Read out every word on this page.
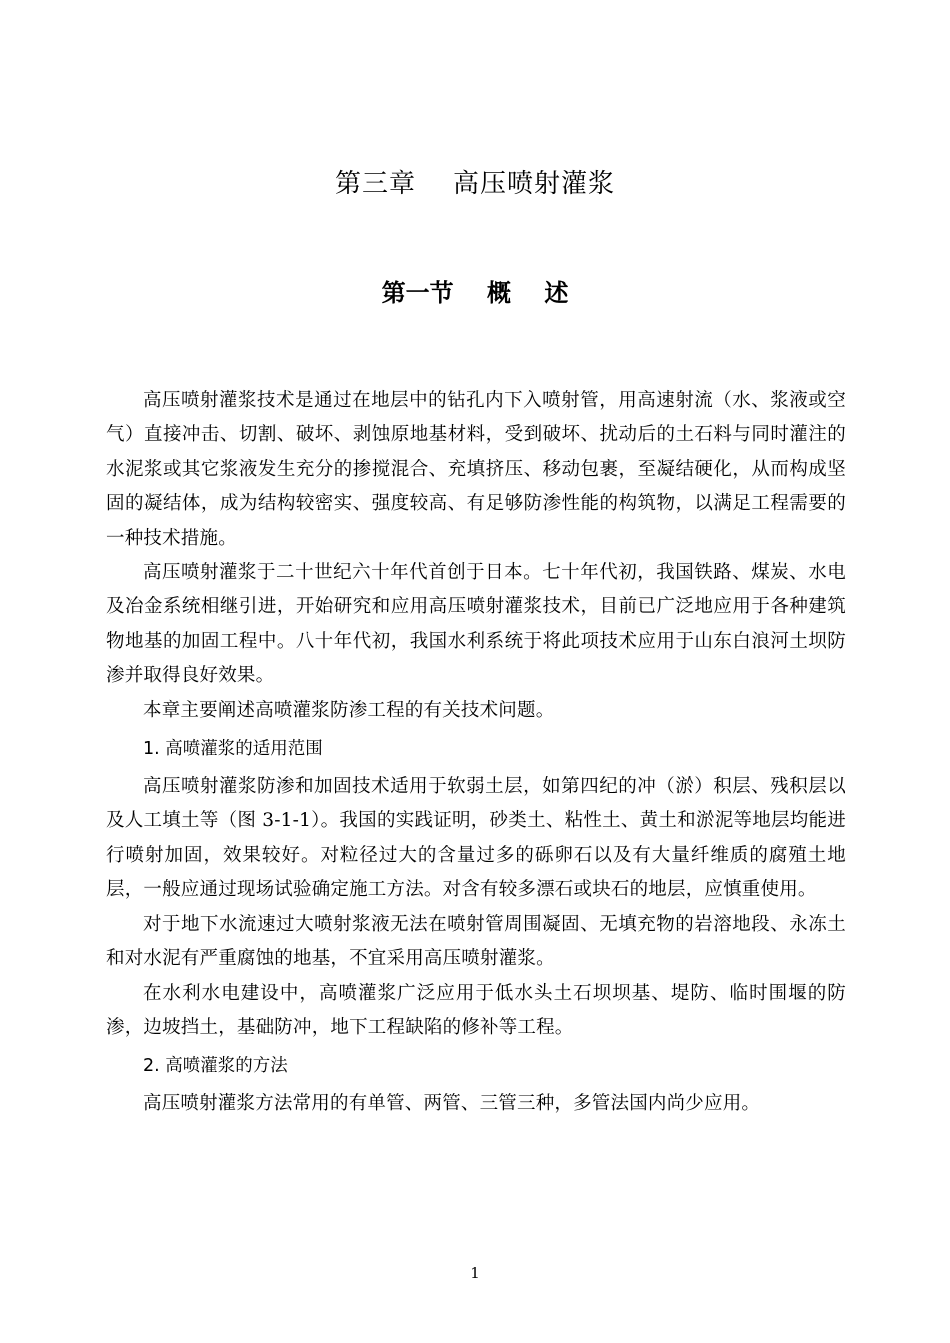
第三章    高压喷射灌浆
第一节    概    述

高压喷射灌浆技术是通过在地层中的钻孔内下入喷射管，用高速射流（水、浆液或空气）直接冲击、切割、破坏、剥蚀原地基材料，受到破坏、扰动后的土石料与同时灌注的水泥浆或其它浆液发生充分的掺搅混合、充填挤压、移动包裹，至凝结硬化，从而构成坚固的凝结体，成为结构较密实、强度较高、有足够防渗性能的构筑物，以满足工程需要的一种技术措施。

高压喷射灌浆于二十世纪六十年代首创于日本。七十年代初，我国铁路、煤炭、水电及冶金系统相继引进，开始研究和应用高压喷射灌浆技术，目前已广泛地应用于各种建筑物地基的加固工程中。八十年代初，我国水利系统于将此项技术应用于山东白浪河土坝防渗并取得良好效果。

本章主要阐述高喷灌浆防渗工程的有关技术问题。

1. 高喷灌浆的适用范围

高压喷射灌浆防渗和加固技术适用于软弱土层，如第四纪的冲（淤）积层、残积层以及人工填土等（图 3-1-1）。我国的实践证明，砂类土、粘性土、黄土和淤泥等地层均能进行喷射加固，效果较好。对粒径过大的含量过多的砾卵石以及有大量纤维质的腐殖土地层，一般应通过现场试验确定施工方法。对含有较多漂石或块石的地层，应慎重使用。

对于地下水流速过大喷射浆液无法在喷射管周围凝固、无填充物的岩溶地段、永冻土和对水泥有严重腐蚀的地基，不宜采用高压喷射灌浆。

在水利水电建设中，高喷灌浆广泛应用于低水头土石坝坝基、堤防、临时围堰的防渗，边坡挡土，基础防冲，地下工程缺陷的修补等工程。

2. 高喷灌浆的方法

高压喷射灌浆方法常用的有单管、两管、三管三种，多管法国内尚少应用。

1
